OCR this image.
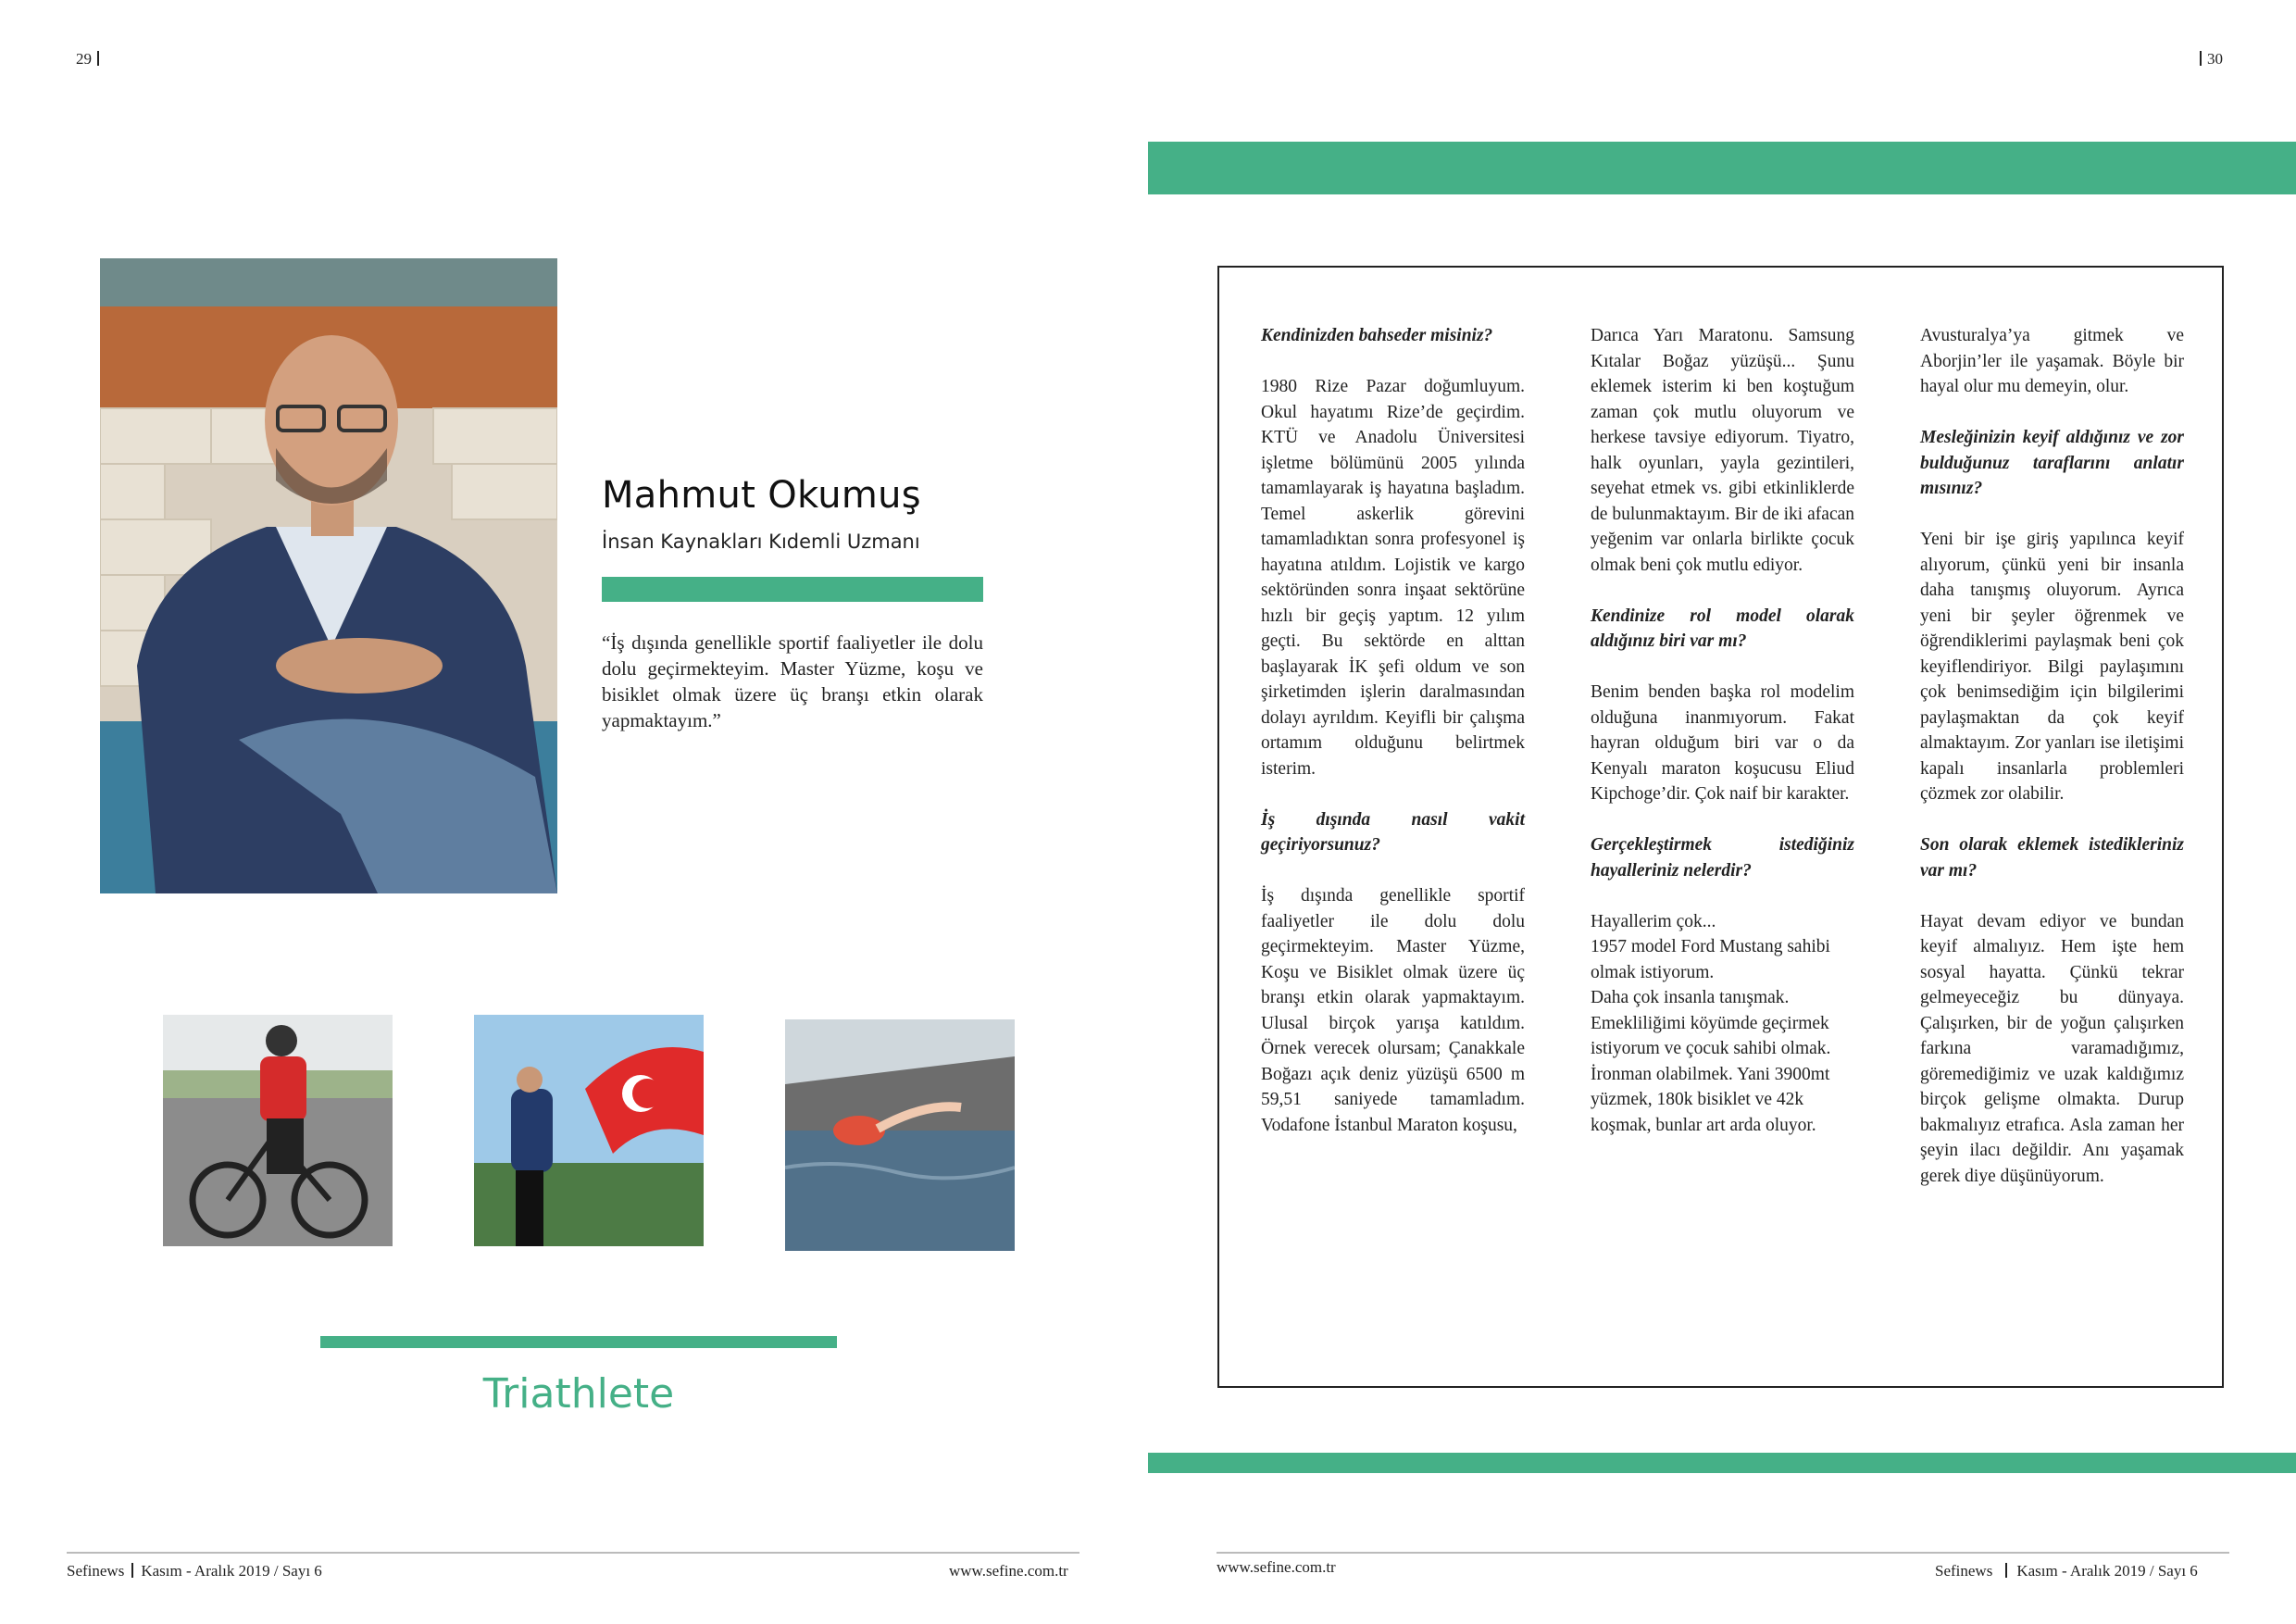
29
Mahmut Okumuş
İnsan Kaynakları Kıdemli Uzmanı
“İş dışında genellikle sportif faaliyetler ile dolu dolu geçirmekteyim. Master Yüzme, koşu ve bisiklet olmak üzere üç branşı etkin olarak yapmaktayım.”
Triathlete
Sefinews Kasım - Aralık 2019 / Sayı 6	www.sefine.com.tr
30

Kendinizden bahseder misiniz?

1980 Rize Pazar doğumluyum. Okul hayatımı Rize’de geçirdim. KTÜ ve Anadolu Üniversitesi işletme bölümünü 2005 yılında tamamlayarak iş hayatına başladım. Temel askerlik görevini tamamladıktan sonra profesyonel iş hayatına atıldım. Lojistik ve kargo sektöründen sonra inşaat sektörüne hızlı bir geçiş yaptım. 12 yılım geçti. Bu sektörde en alttan başlayarak İK şefi oldum ve son şirketimden işlerin daralmasından dolayı ayrıldım. Keyifli bir çalışma ortamım olduğunu belirtmek isterim.

İş dışında nasıl vakit geçiriyorsunuz?

İş dışında genellikle sportif faaliyetler ile dolu dolu geçirmekteyim. Master Yüzme, Koşu ve Bisiklet olmak üzere üç branşı etkin olarak yapmaktayım. Ulusal birçok yarışa katıldım. Örnek verecek olursam; Çanakkale Boğazı açık deniz yüzüşü 6500 m 59,51 saniyede tamamladım. Vodafone İstanbul Maraton koşusu,

Darıca Yarı Maratonu. Samsung Kıtalar Boğaz yüzüşü... Şunu eklemek isterim ki ben koştuğum zaman çok mutlu oluyorum ve herkese tavsiye ediyorum. Tiyatro, halk oyunları, yayla gezintileri, seyehat etmek vs. gibi etkinliklerde de bulunmaktayım. Bir de iki afacan yeğenim var onlarla birlikte çocuk olmak beni çok mutlu ediyor.

Kendinize rol model olarak aldığınız biri var mı?

Benim benden başka rol modelim olduğuna inanmıyorum. Fakat hayran olduğum biri var o da Kenyalı maraton koşucusu Eliud Kipchoge’dir. Çok naif bir karakter.

Gerçekleştirmek istediğiniz hayalleriniz nelerdir?

Hayallerim çok...
1957 model Ford Mustang sahibi olmak istiyorum.
Daha çok insanla tanışmak.
Emekliliğimi köyümde geçirmek istiyorum ve çocuk sahibi olmak.
İronman olabilmek. Yani 3900mt yüzmek, 180k bisiklet ve 42k koşmak, bunlar art arda oluyor.

Avusturalya’ya gitmek ve Aborjin’ler ile yaşamak. Böyle bir hayal olur mu demeyin, olur.

Mesleğinizin keyif aldığınız ve zor bulduğunuz taraflarını anlatır mısınız?

Yeni bir işe giriş yapılınca keyif alıyorum, çünkü yeni bir insanla daha tanışmış oluyorum. Ayrıca yeni bir şeyler öğrenmek ve öğrendiklerimi paylaşmak beni çok keyiflendiriyor. Bilgi paylaşımını çok benimsediğim için bilgilerimi paylaşmaktan da çok keyif almaktayım. Zor yanları ise iletişimi kapalı insanlarla problemleri çözmek zor olabilir.

Son olarak eklemek istedikleriniz var mı?

Hayat devam ediyor ve bundan keyif almalıyız. Hem işte hem sosyal hayatta. Çünkü tekrar gelmeyeceğiz bu dünyaya. Çalışırken, bir de yoğun çalışırken farkına varamadığımız, göremediğimiz ve uzak kaldığımız birçok gelişme olmakta. Durup bakmalıyız etrafıca. Asla zaman her şeyin ilacı değildir. Anı yaşamak gerek diye düşünüyorum.

www.sefine.com.tr	Sefinews Kasım - Aralık 2019 / Sayı 6
